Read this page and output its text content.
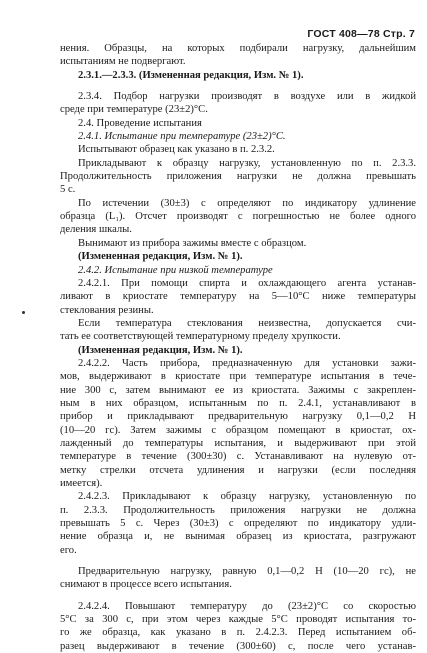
ГОСТ 408—78 Стр. 7
нения. Образцы, на которых подбирали нагрузку, дальнейшим
испытаниям не подвергают.
2.3.1.—2.3.3. (Измененная редакция, Изм. № 1).
2.3.4. Подбор нагрузки производят в воздухе или в жидкой
среде при температуре (23±2)°С.
2.4. Проведение испытания
2.4.1. Испытание при температуре (23±2)°С.
Испытывают образец как указано в п. 2.3.2.
Прикладывают к образцу нагрузку, установленную по п. 2.3.3.
Продолжительность приложения нагрузки не должна превышать
5 с.
По истечении (30±3) с определяют по индикатору удлинение
образца (L₁). Отсчет производят с погрешностью не более одного
деления шкалы.
Вынимают из прибора зажимы вместе с образцом.
(Измененная редакция, Изм. № 1).
2.4.2. Испытание при низкой температуре
2.4.2.1. При помощи спирта и охлаждающего агента устанав-
ливают в криостате температуру на 5—10°С ниже температуры
стеклования резины.
Если температура стеклования неизвестна, допускается счи-
тать ее соответствующей температурному пределу хрупкости.
(Измененная редакция, Изм. № 1).
2.4.2.2. Часть прибора, предназначенную для установки зажи-
мов, выдерживают в криостате при температуре испытания в тече-
ние 300 с, затем вынимают ее из криостата. Зажимы с закреплен-
ным в них образцом, испытанным по п. 2.4.1, устанавливают в
прибор и прикладывают предварительную нагрузку 0,1—0,2 Н
(10—20 гс). Затем зажимы с образцом помещают в криостат, ох-
лажденный до температуры испытания, и выдерживают при этой
температуре в течение (300±30) с. Устанавливают на нулевую от-
метку стрелки отсчета удлинения и нагрузки (если последняя
имеется).
2.4.2.3. Прикладывают к образцу нагрузку, установленную по
п. 2.3.3. Продолжительность приложения нагрузки не должна
превышать 5 с. Через (30±3) с определяют по индикатору удли-
нение образца и, не вынимая образец из криостата, разгружают
его.
Предварительную нагрузку, равную 0,1—0,2 Н (10—20 гс), не
снимают в процессе всего испытания.
2.4.2.4. Повышают температуру до (23±2)°С со скоростью
5°С за 300 с, при этом через каждые 5°С проводят испытания то-
го же образца, как указано в п. 2.4.2.3. Перед испытанием об-
разец выдерживают в течение (300±60) с, после чего устанав-
